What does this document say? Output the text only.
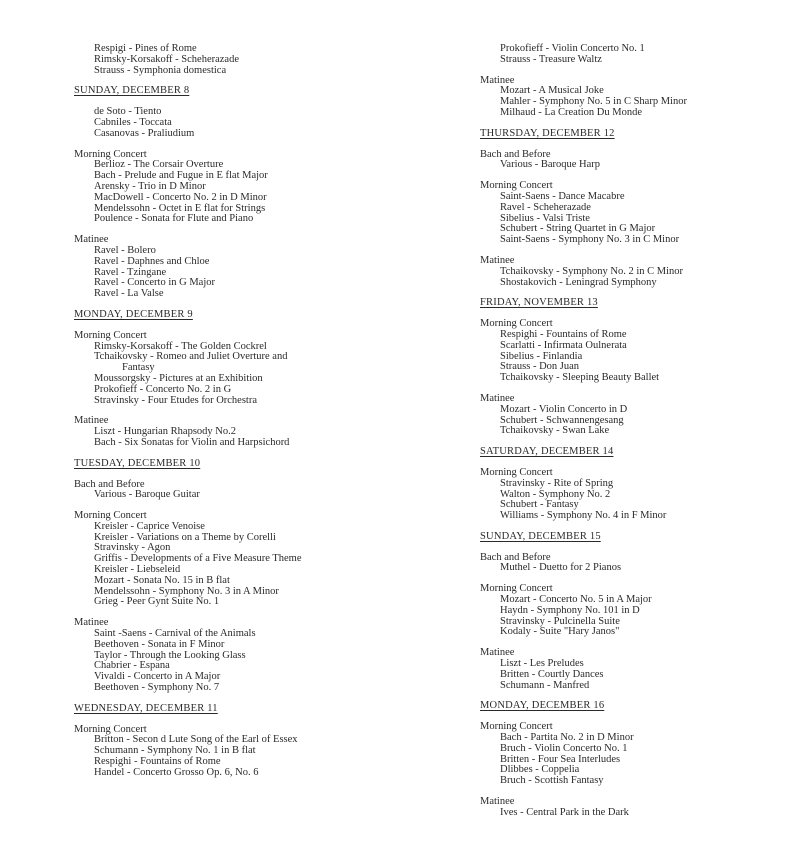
Respigi - Pines of Rome
Rimsky-Korsakoff - Scheherazade
Strauss - Symphonia domestica
SUNDAY, DECEMBER 8
de Soto - Tiento
Cabniles - Toccata
Casanovas - Praliudium
Morning Concert
Berlioz - The Corsair Overture
Bach - Prelude and Fugue in E flat Major
Arensky - Trio in D Minor
MacDowell - Concerto No. 2 in D Minor
Mendelssohn - Octet in E flat for Strings
Poulence - Sonata for Flute and Piano
Matinee
Ravel - Bolero
Ravel - Daphnes and Chloe
Ravel - Tzingane
Ravel - Concerto in G Major
Ravel - La Valse
MONDAY, DECEMBER 9
Morning Concert
Rimsky-Korsakoff - The Golden Cockrel
Tchaikovsky - Romeo and Juliet Overture and Fantasy
Moussorgsky - Pictures at an Exhibition
Prokofieff - Concerto No. 2 in G
Stravinsky - Four Etudes for Orchestra
Matinee
Liszt - Hungarian Rhapsody No.2
Bach - Six Sonatas for Violin and Harpsichord
TUESDAY, DECEMBER 10
Bach and Before
Various - Baroque Guitar
Morning Concert
Kreisler - Caprice Venoise
Kreisler - Variations on a Theme by Corelli
Stravinsky - Agon
Griffis - Developments of a Five Measure Theme
Kreisler - Liebseleid
Mozart - Sonata No. 15 in B flat
Mendelssohn - Symphony No. 3 in A Minor
Grieg - Peer Gynt Suite No. 1
Matinee
Saint -Saens - Carnival of the Animals
Beethoven - Sonata in F Minor
Taylor - Through the Looking Glass
Chabrier - Espana
Vivaldi - Concerto in A Major
Beethoven - Symphony No. 7
WEDNESDAY, DECEMBER 11
Morning Concert
Britton - Secon d Lute Song of the Earl of Essex
Schumann - Symphony No. 1 in B flat
Respighi - Fountains of Rome
Handel - Concerto Grosso Op. 6, No. 6
Prokofieff - Violin Concerto No. 1
Strauss - Treasure Waltz
Matinee
Mozart - A Musical Joke
Mahler - Symphony No. 5 in C Sharp Minor
Milhaud - La Creation Du Monde
THURSDAY, DECEMBER 12
Bach and Before
Various - Baroque Harp
Morning Concert
Saint-Saens - Dance Macabre
Ravel - Scheherazade
Sibelius - Valsi Triste
Schubert - String Quartet in G Major
Saint-Saens - Symphony No. 3 in C Minor
Matinee
Tchaikovsky - Symphony No. 2 in C Minor
Shostakovich - Leningrad Symphony
FRIDAY, NOVEMBER 13
Morning Concert
Respighi - Fountains of Rome
Scarlatti - Infirmata Oulnerata
Sibelius - Finlandia
Strauss - Don Juan
Tchaikovsky - Sleeping Beauty Ballet
Matinee
Mozart - Violin Concerto in D
Schubert - Schwannengesang
Tchaikovsky - Swan Lake
SATURDAY, DECEMBER 14
Morning Concert
Stravinsky - Rite of Spring
Walton - Symphony No. 2
Schubert - Fantasy
Williams - Symphony No. 4 in F Minor
SUNDAY, DECEMBER 15
Bach and Before
Muthel - Duetto for 2 Pianos
Morning Concert
Mozart - Concerto No. 5 in A Major
Haydn - Symphony No. 101 in D
Stravinsky - Pulcinella Suite
Kodaly - Suite "Hary Janos"
Matinee
Liszt - Les Preludes
Britten - Courtly Dances
Schumann - Manfred
MONDAY, DECEMBER 16
Morning Concert
Bach - Partita No. 2 in D Minor
Bruch - Violin Concerto No. 1
Britten - Four Sea Interludes
Dlibbes - Coppelia
Bruch - Scottish Fantasy
Matinee
Ives - Central Park in the Dark
